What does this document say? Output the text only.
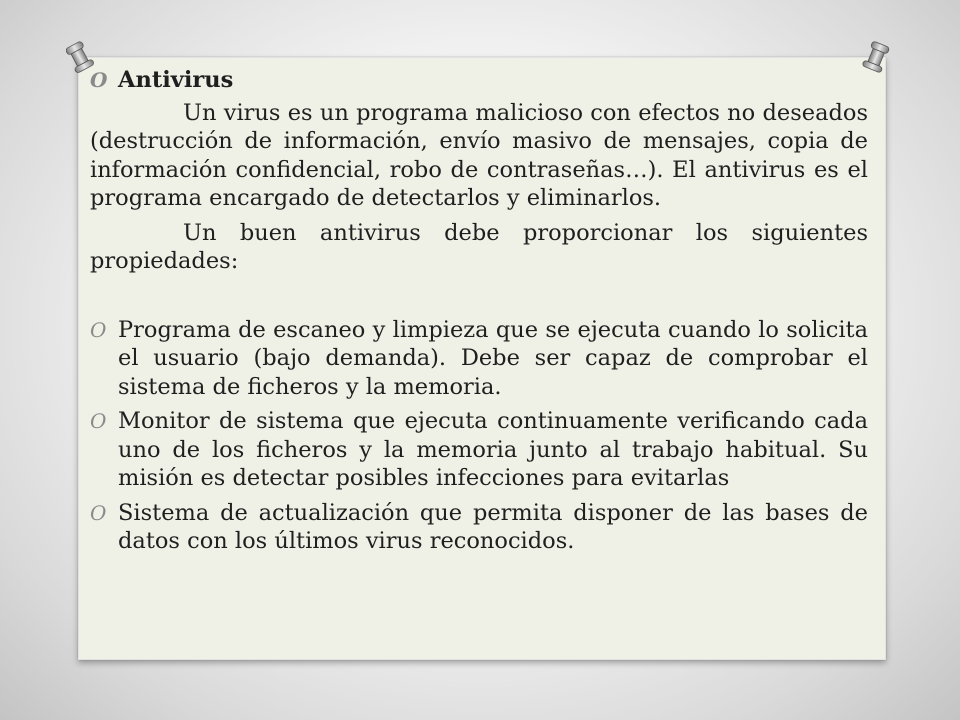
O Antivirus

Un virus es un programa malicioso con efectos no deseados (destrucción de información, envío masivo de mensajes, copia de información confidencial, robo de contraseñas…). El antivirus es el programa encargado de detectarlos y eliminarlos.

Un buen antivirus debe proporcionar los siguientes propiedades:

O Programa de escaneo y limpieza que se ejecuta cuando lo solicita el usuario (bajo demanda). Debe ser capaz de comprobar el sistema de ficheros y la memoria.
O Monitor de sistema que ejecuta continuamente verificando cada uno de los ficheros y la memoria junto al trabajo habitual. Su misión es detectar posibles infecciones para evitarlas
O Sistema de actualización que permita disponer de las bases de datos con los últimos virus reconocidos.
